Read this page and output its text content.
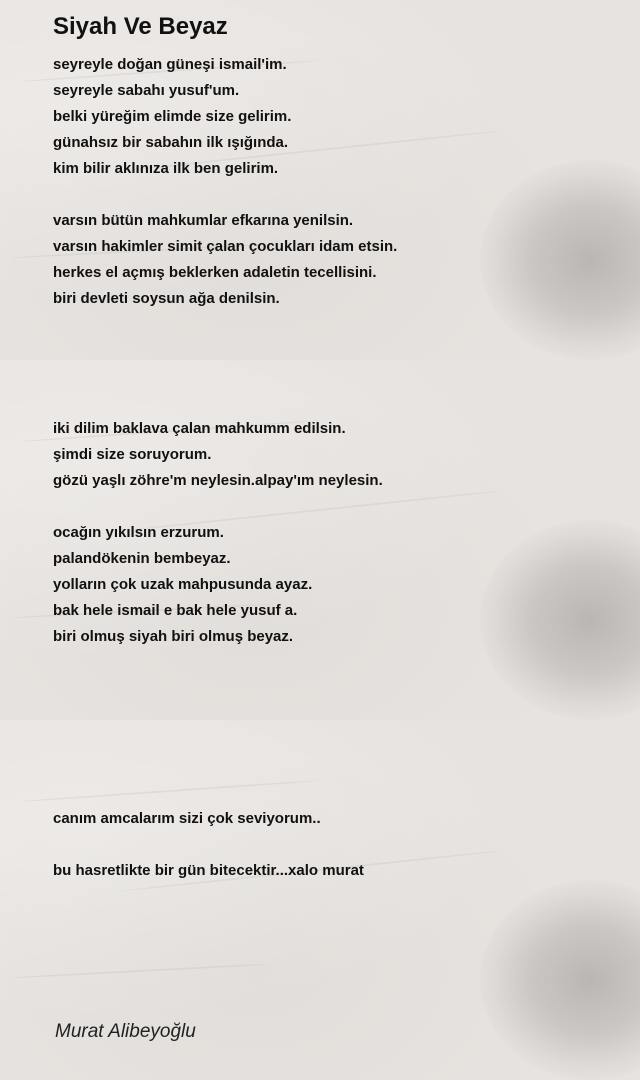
Siyah Ve Beyaz
seyreyle doğan güneşi ismail'im.
seyreyle sabahı yusuf'um.
belki yüreğim elimde size gelirim.
günahsız bir sabahın ilk ışığında.
kim bilir aklınıza ilk ben gelirim.
varsın bütün mahkumlar efkarına yenilsin.
varsın hakimler simit çalan çocukları idam etsin.
herkes el açmış beklerken adaletin tecellisini.
biri devleti soysun ağa denilsin.
iki dilim baklava çalan mahkumm edilsin.
şimdi size soruyorum.
gözü yaşlı zöhre'm neylesin.alpay'ım neylesin.
ocağın yıkılsın erzurum.
palandökenin bembeyaz.
yolların çok uzak mahpusunda ayaz.
bak hele ismail e bak hele yusuf a.
biri olmuş siyah biri olmuş beyaz.
canım amcalarım sizi çok seviyorum..
bu hasretlikte bir gün bitecektir...xalo murat
Murat Alibeyoğlu
